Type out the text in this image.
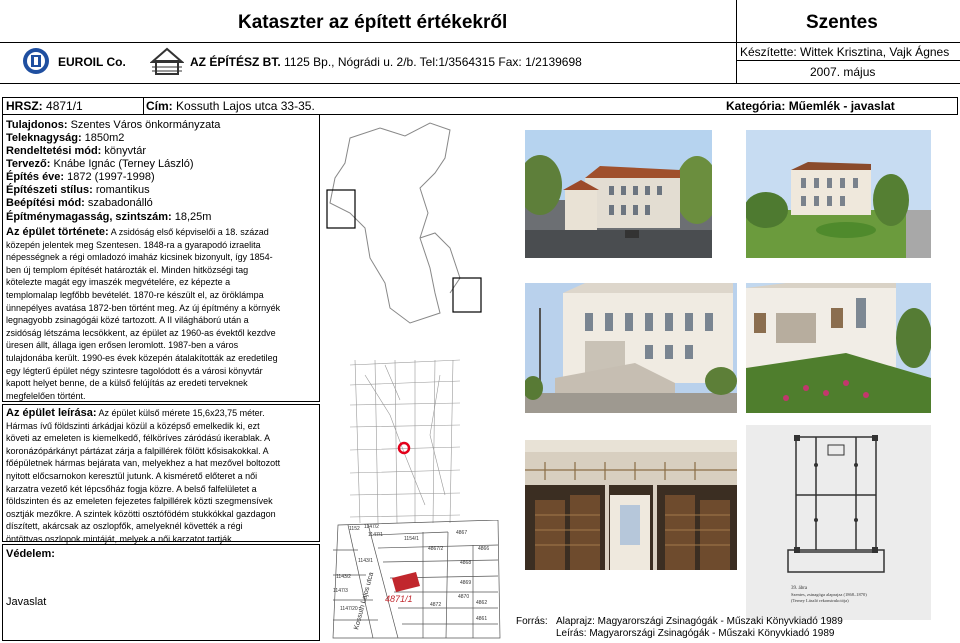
Kataszter az épített értékekről	Szentes
EUROIL Co.	AZ ÉPÍTÉSZ BT. 1125 Bp., Nógrádi u. 2/b. Tel:1/3564315 Fax: 1/2139698
Készítette: Wittek Krisztina, Vajk Ágnes
2007. május
HRSZ: 4871/1	Cím: Kossuth Lajos utca 33-35.	Kategória: Műemlék - javaslat
Tulajdonos: Szentes Város önkormányzata
Teleknagyság: 1850m2
Rendeltetési mód: könyvtár
Tervező: Knábe Ignác (Terney László)
Építés éve: 1872 (1997-1998)
Építészeti stílus: romantikus
Beépítési mód: szabadonálló
Építménymagasság, szintszám: 18,25m
Az épület története: A zsidóság első képviselői a 18. század
közepén jelentek meg Szentesen. 1848-ra a gyarapodó izraelita
népességnek a régi omladozó imaház kicsinek bizonyult, így 1854-
ben új templom építését határozták el. Minden hitközségi tag
kötelezte magát egy imaszék megvételére, ez képezte a
templomalap legfőbb bevételét. 1870-re készült el, az öröklámpa
ünnepélyes avatása 1872-ben történt meg. Az új építmény a környék
legnagyobb zsinagógái közé tartozott. A II világháború után a
zsidóság létszáma lecsökkent, az épület az 1960-as évektől kezdve
üresen állt, állaga igen erősen leromlott. 1987-ben a város
tulajdonába került. 1990-es évek közepén átalakították az eredetileg
egy légterű épület négy szintesre tagolódott és a városi könyvtár
kapott helyet benne, de a külső felújítás az eredeti terveknek
megfelelően történt.
Az épület leírása: Az épület külső mérete 15,6x23,75 méter.
Hármas ívű földszinti árkádjai közül a középső emelkedik ki, ezt
követi az emeleten is kiemelkedő, félköríves záródású ikerablak. A
koronázópárkányt pártázat zárja a falpillérek fölött kősisakokkal. A
főépületnek hármas bejárata van, melyekhez a hat mezővel boltozott
nyitott előcsarnokon keresztül jutunk. A kismérető előteret a női
karzatra vezető két lépcsőház fogja közre. A belső falfelületet a
földszinten és az emeleten fejezetes falpillérek közti szegmensívek
osztják mezőkre. A szintek közötti osztófödém stukkókkal gazdagon
díszített, akárcsak az oszlopfők, amelyeknél követték a régi
öntöttvas oszlopok mintáját, melyek a női karzatot tartják.
Védelem:
Javaslat	Kossuth Lajos utca 4871/1
1152 1147/2
1147/1
1154/1
4867
1143/1
1143/2
1147/3
1147/20
4868
4869
4872
4870
4862
4861
4866
4867/2
39. ábra
Szentes, zsinagóga alaprajza (1868–1870)
(Terney László rekonstrukciója)
Forrás: Alaprajz: Magyarországi Zsinagógák - Műszaki Könyvkiadó 1989
Leírás: Magyarországi Zsinagógák - Műszaki Könyvkiadó 1989
